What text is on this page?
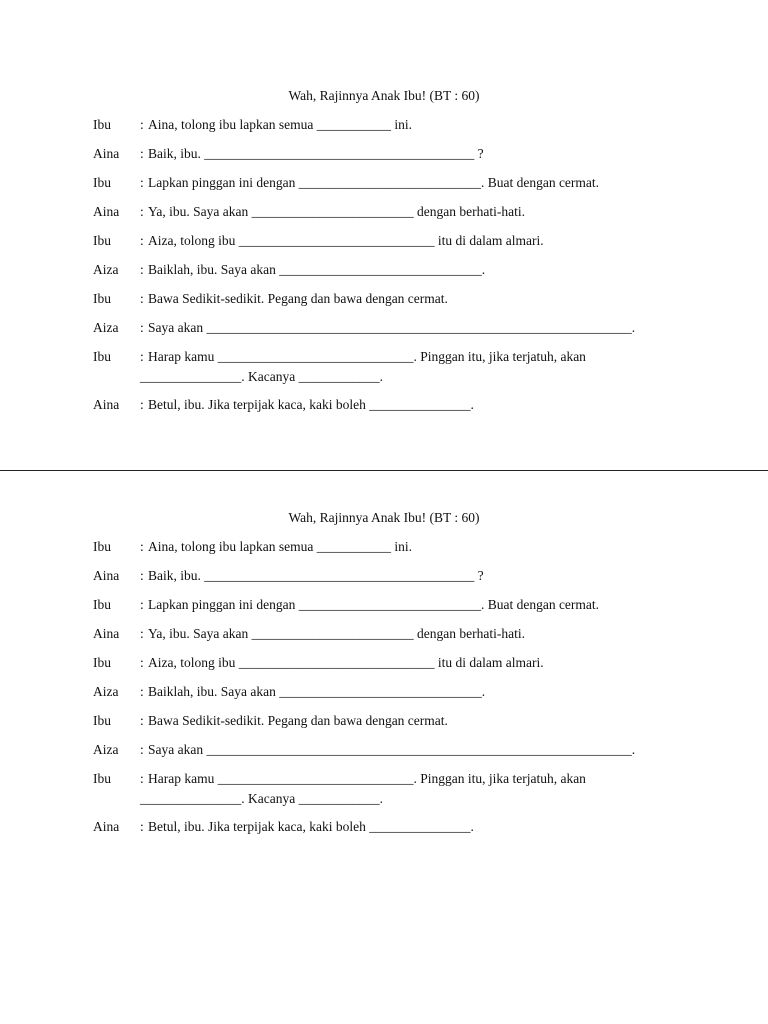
Wah, Rajinnya Anak Ibu! (BT : 60)
Ibu : Aina, tolong ibu lapkan semua ___________ ini.
Aina : Baik, ibu. ________________________________________ ?
Ibu : Lapkan pinggan ini dengan ___________________________. Buat dengan cermat.
Aina : Ya, ibu. Saya akan ________________________ dengan berhati-hati.
Ibu : Aiza, tolong ibu _____________________________ itu di dalam almari.
Aiza : Baiklah, ibu. Saya akan ______________________________.
Ibu : Bawa Sedikit-sedikit. Pegang dan bawa dengan cermat.
Aiza : Saya akan _______________________________________________________________.
Ibu : Harap kamu _____________________________. Pinggan itu, jika terjatuh, akan
_______________. Kacanya ____________.
Aina : Betul, ibu. Jika terpijak kaca, kaki boleh _______________.
Wah, Rajinnya Anak Ibu! (BT : 60)
Ibu : Aina, tolong ibu lapkan semua ___________ ini.
Aina : Baik, ibu. ________________________________________ ?
Ibu : Lapkan pinggan ini dengan ___________________________. Buat dengan cermat.
Aina : Ya, ibu. Saya akan ________________________ dengan berhati-hati.
Ibu : Aiza, tolong ibu _____________________________ itu di dalam almari.
Aiza : Baiklah, ibu. Saya akan ______________________________.
Ibu : Bawa Sedikit-sedikit. Pegang dan bawa dengan cermat.
Aiza : Saya akan _______________________________________________________________.
Ibu : Harap kamu _____________________________. Pinggan itu, jika terjatuh, akan
_______________. Kacanya ____________.
Aina : Betul, ibu. Jika terpijak kaca, kaki boleh _______________.
